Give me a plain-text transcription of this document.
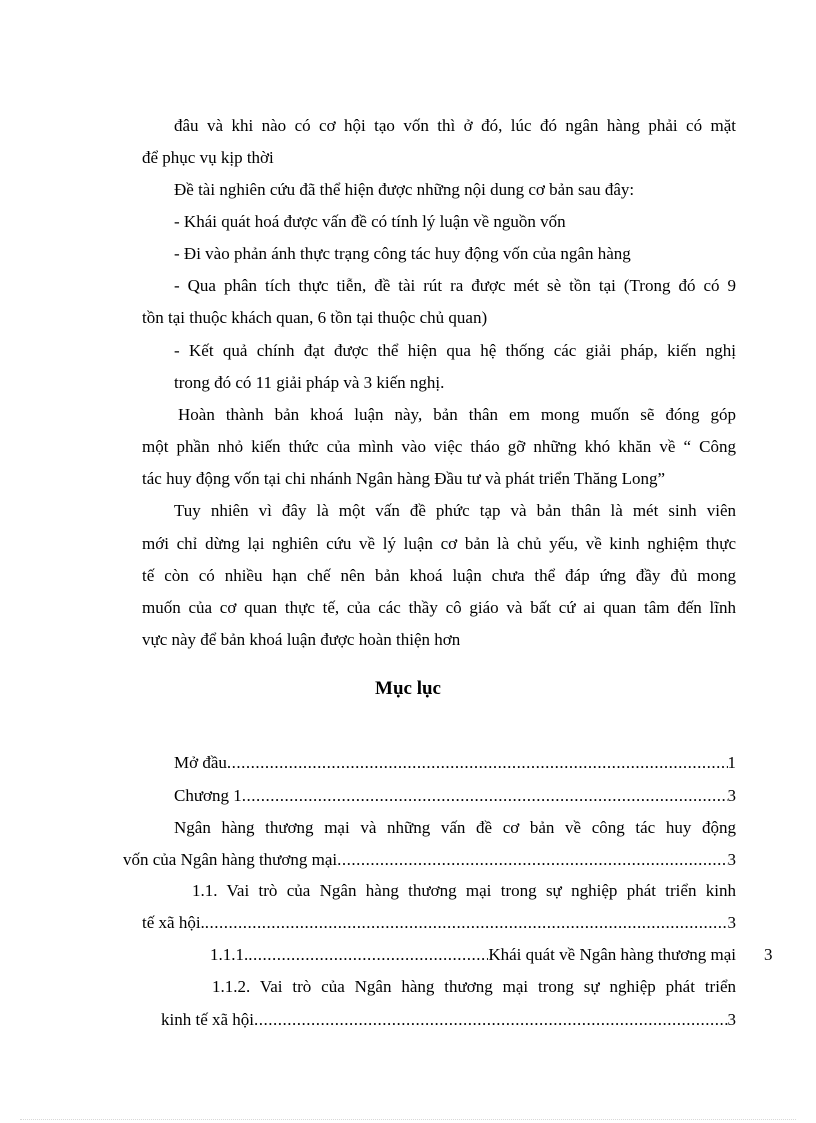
đâu và khi nào có cơ hội tạo vốn thì ở đó, lúc đó ngân hàng phải có mặt
để phục vụ kịp thời
Đề tài nghiên cứu đã thể hiện được những nội dung cơ bản sau đây:
- Khái quát hoá được vấn đề có tính lý luận về nguồn vốn
- Đi vào phản ánh thực trạng công tác huy động vốn của ngân hàng
- Qua phân tích thực tiễn, đề tài rút ra được mét sè tồn tại (Trong đó có 9
tồn tại thuộc khách quan, 6 tồn tại thuộc chủ quan)
- Kết quả chính đạt được thể hiện qua hệ thống các giải pháp, kiến nghị
trong đó có 11 giải pháp và 3 kiến nghị.
Hoàn thành bản khoá luận này, bản thân em mong muốn sẽ đóng góp
một phần nhỏ kiến thức của mình vào việc tháo gỡ những khó khăn về “ Công
tác huy động vốn tại chi nhánh Ngân hàng Đầu tư và phát triển Thăng Long”
Tuy nhiên vì đây là một vấn đề phức tạp và bản thân là mét sinh viên
mới chỉ dừng lại nghiên cứu về lý luận cơ bản là chủ yếu, về kinh nghiệm thực
tế còn có nhiều hạn chế nên bản khoá luận chưa thể đáp ứng đầy đủ mong
muốn của cơ quan thực tế, của các thầy cô giáo và bất cứ ai quan tâm đến lĩnh
vực này để bản khoá luận được hoàn thiện hơn
Mục lục
Mở đầu .....	1
Chương 1 .....	3
Ngân hàng thương mại và những vấn đề cơ bản về công tác huy động
vốn của Ngân hàng thương mại .....	3
1.1. Vai trò của Ngân hàng thương mại trong sự nghiệp phát triển kinh
tế xã hội. .....	3
1.1.1. .....	Khái quát về Ngân hàng thương mại 3
1.1.2. Vai trò của Ngân hàng thương mại trong sự nghiệp phát triển
kinh tế xã hội .....	3
